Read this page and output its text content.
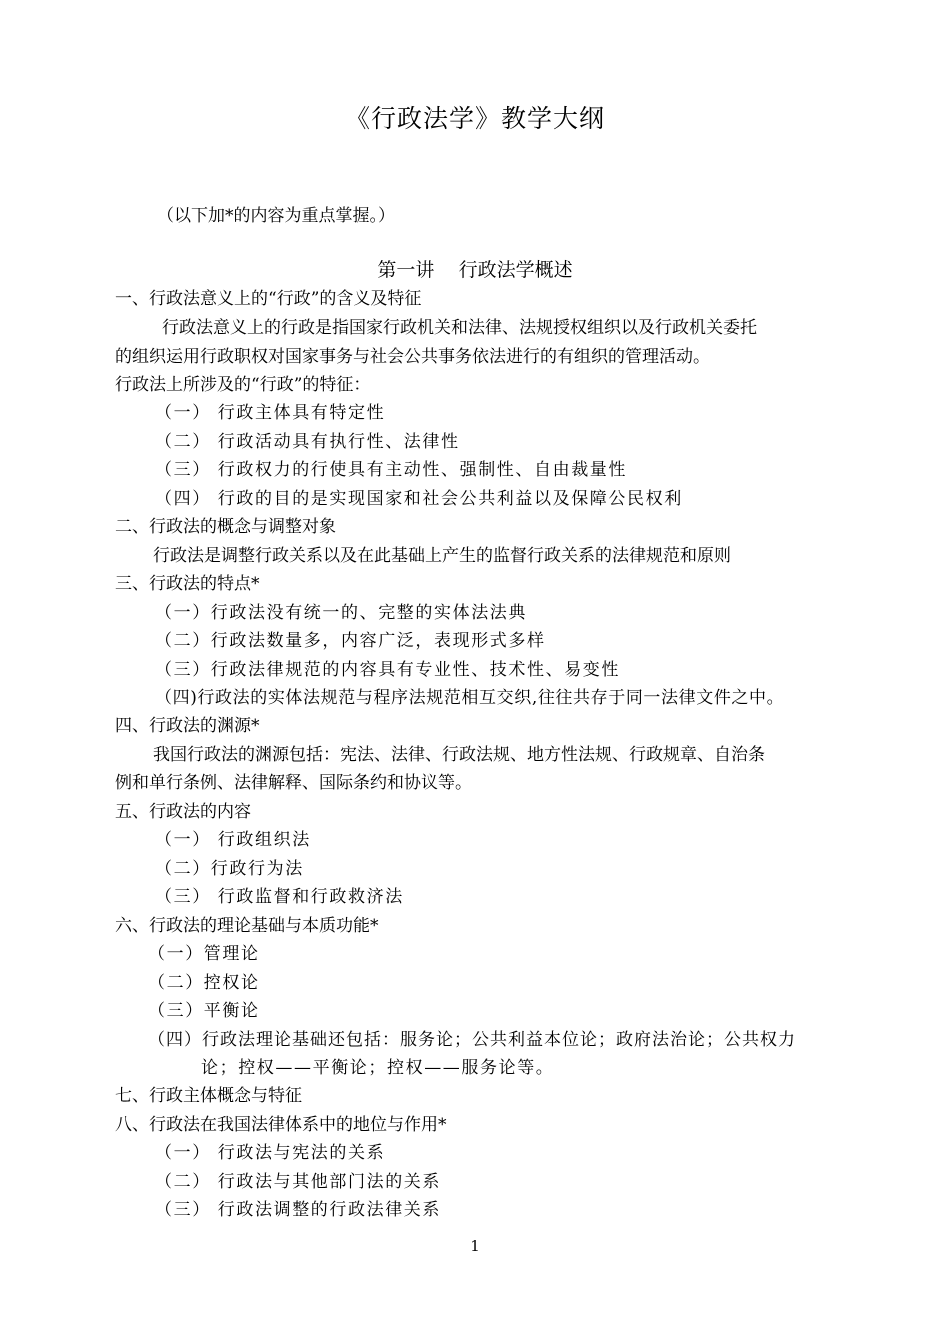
《行政法学》教学大纲
（以下加*的内容为重点掌握。）
第一讲    行政法学概述
一、行政法意义上的“行政”的含义及特征
行政法意义上的行政是指国家行政机关和法律、法规授权组织以及行政机关委托
的组织运用行政职权对国家事务与社会公共事务依法进行的有组织的管理活动。
行政法上所涉及的“行政”的特征：
（一） 行政主体具有特定性
（二） 行政活动具有执行性、法律性
（三） 行政权力的行使具有主动性、强制性、自由裁量性
（四） 行政的目的是实现国家和社会公共利益以及保障公民权利
二、行政法的概念与调整对象
行政法是调整行政关系以及在此基础上产生的监督行政关系的法律规范和原则
三、行政法的特点*
（一）行政法没有统一的、完整的实体法法典
（二）行政法数量多，内容广泛，表现形式多样
（三）行政法律规范的内容具有专业性、技术性、易变性
（四)行政法的实体法规范与程序法规范相互交织,往往共存于同一法律文件之中。
四、行政法的渊源*
我国行政法的渊源包括：宪法、法律、行政法规、地方性法规、行政规章、自治条
例和单行条例、法律解释、国际条约和协议等。
五、行政法的内容
（一） 行政组织法
（二）行政行为法
（三） 行政监督和行政救济法
六、行政法的理论基础与本质功能*
（一）管理论
（二）控权论
（三）平衡论
（四）行政法理论基础还包括：服务论；公共利益本位论；政府法治论；公共权力
论；控权——平衡论；控权——服务论等。
七、行政主体概念与特征
八、行政法在我国法律体系中的地位与作用*
（一） 行政法与宪法的关系
（二） 行政法与其他部门法的关系
（三） 行政法调整的行政法律关系
1
